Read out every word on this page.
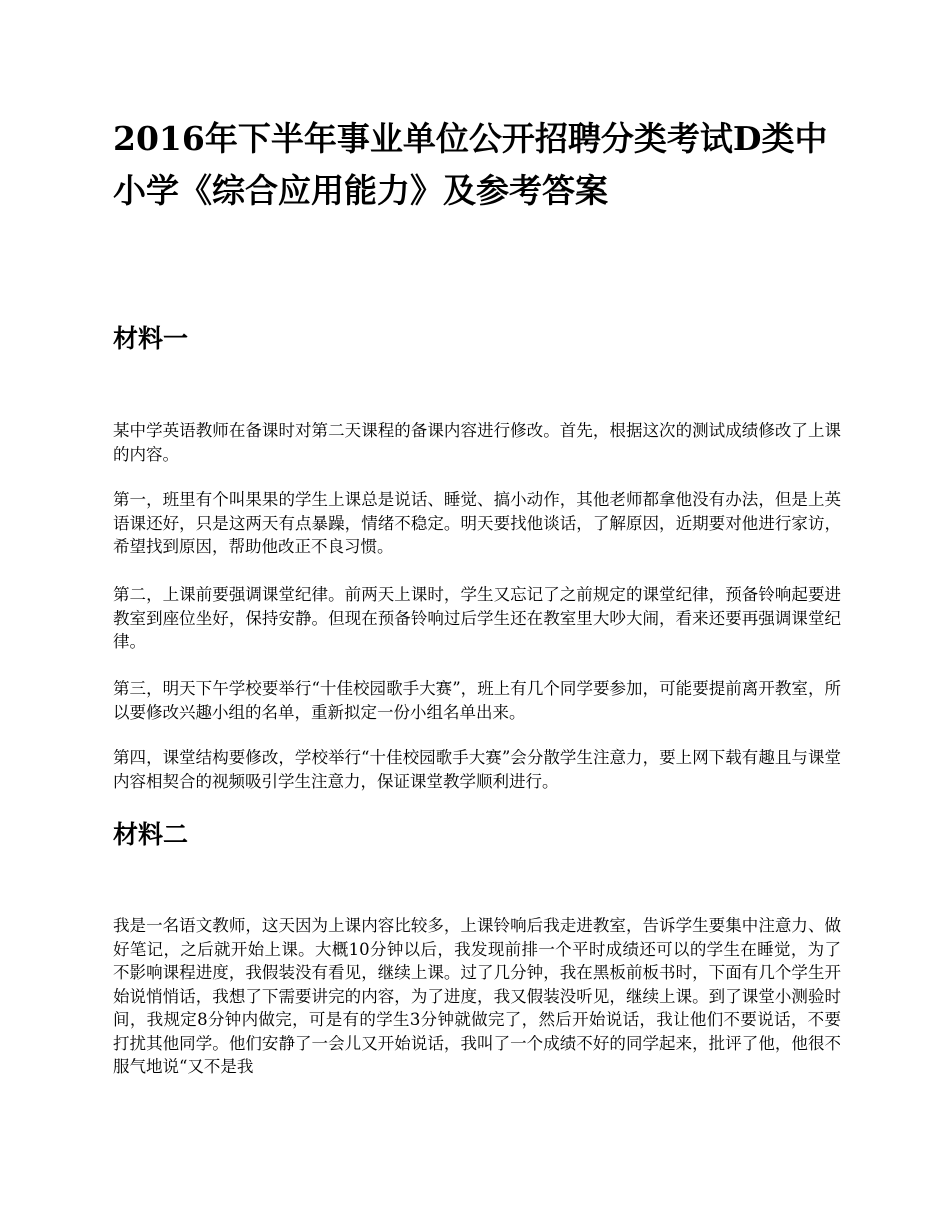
2016年下半年事业单位公开招聘分类考试D类中小学《综合应用能力》及参考答案
材料一

某中学英语教师在备课时对第二天课程的备课内容进行修改。首先，根据这次的测试成绩修改了上课的内容。

第一，班里有个叫果果的学生上课总是说话、睡觉、搞小动作，其他老师都拿他没有办法，但是上英语课还好，只是这两天有点暴躁，情绪不稳定。明天要找他谈话，了解原因，近期要对他进行家访，希望找到原因，帮助他改正不良习惯。

第二，上课前要强调课堂纪律。前两天上课时，学生又忘记了之前规定的课堂纪律，预备铃响起要进教室到座位坐好，保持安静。但现在预备铃响过后学生还在教室里大吵大闹，看来还要再强调课堂纪律。

第三，明天下午学校要举行“十佳校园歌手大赛”，班上有几个同学要参加，可能要提前离开教室，所以要修改兴趣小组的名单，重新拟定一份小组名单出来。

第四，课堂结构要修改，学校举行“十佳校园歌手大赛”会分散学生注意力，要上网下载有趣且与课堂内容相契合的视频吸引学生注意力，保证课堂教学顺利进行。

材料二

我是一名语文教师，这天因为上课内容比较多，上课铃响后我走进教室，告诉学生要集中注意力、做好笔记，之后就开始上课。大概10分钟以后，我发现前排一个平时成绩还可以的学生在睡觉，为了不影响课程进度，我假装没有看见，继续上课。过了几分钟，我在黑板前板书时，下面有几个学生开始说悄悄话，我想了下需要讲完的内容，为了进度，我又假装没听见，继续上课。到了课堂小测验时间，我规定8分钟内做完，可是有的学生3分钟就做完了，然后开始说话，我让他们不要说话，不要打扰其他同学。他们安静了一会儿又开始说话，我叫了一个成绩不好的同学起来，批评了他，他很不服气地说“又不是我
